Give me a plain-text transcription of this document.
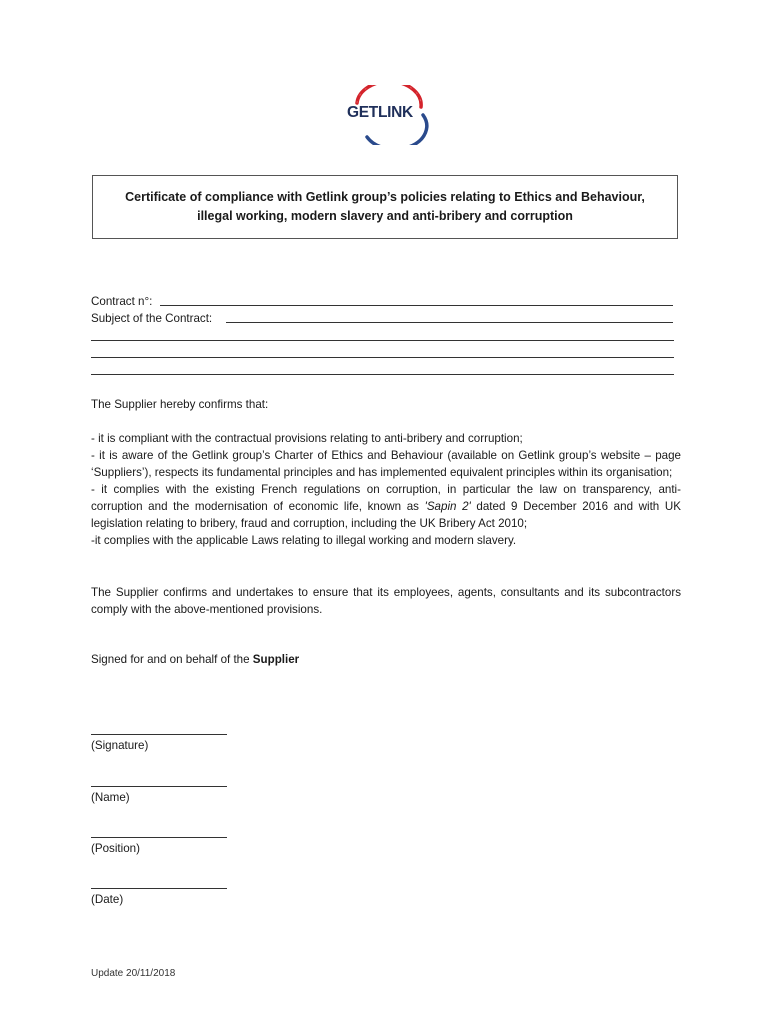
GETLINK
Certificate of compliance with Getlink group’s policies relating to Ethics and Behaviour, illegal working, modern slavery and anti-bribery and corruption
Contract n°:
Subject of the Contract:
The Supplier hereby confirms that:
- it is compliant with the contractual provisions relating to anti-bribery and corruption;
- it is aware of the Getlink group’s Charter of Ethics and Behaviour (available on Getlink group’s website – page ‘Suppliers’), respects its fundamental principles and has implemented equivalent principles within its organisation;
- it complies with the existing French regulations on corruption, in particular the law on transparency, anti-corruption and the modernisation of economic life, known as 'Sapin 2' dated 9 December 2016 and with UK legislation relating to bribery, fraud and corruption, including the UK Bribery Act 2010;
-it complies with the applicable Laws relating to illegal working and modern slavery.
The Supplier confirms and undertakes to ensure that its employees, agents, consultants and its subcontractors comply with the above-mentioned provisions.
Signed for and on behalf of the Supplier
(Signature)
(Name)
(Position)
(Date)
Update 20/11/2018
